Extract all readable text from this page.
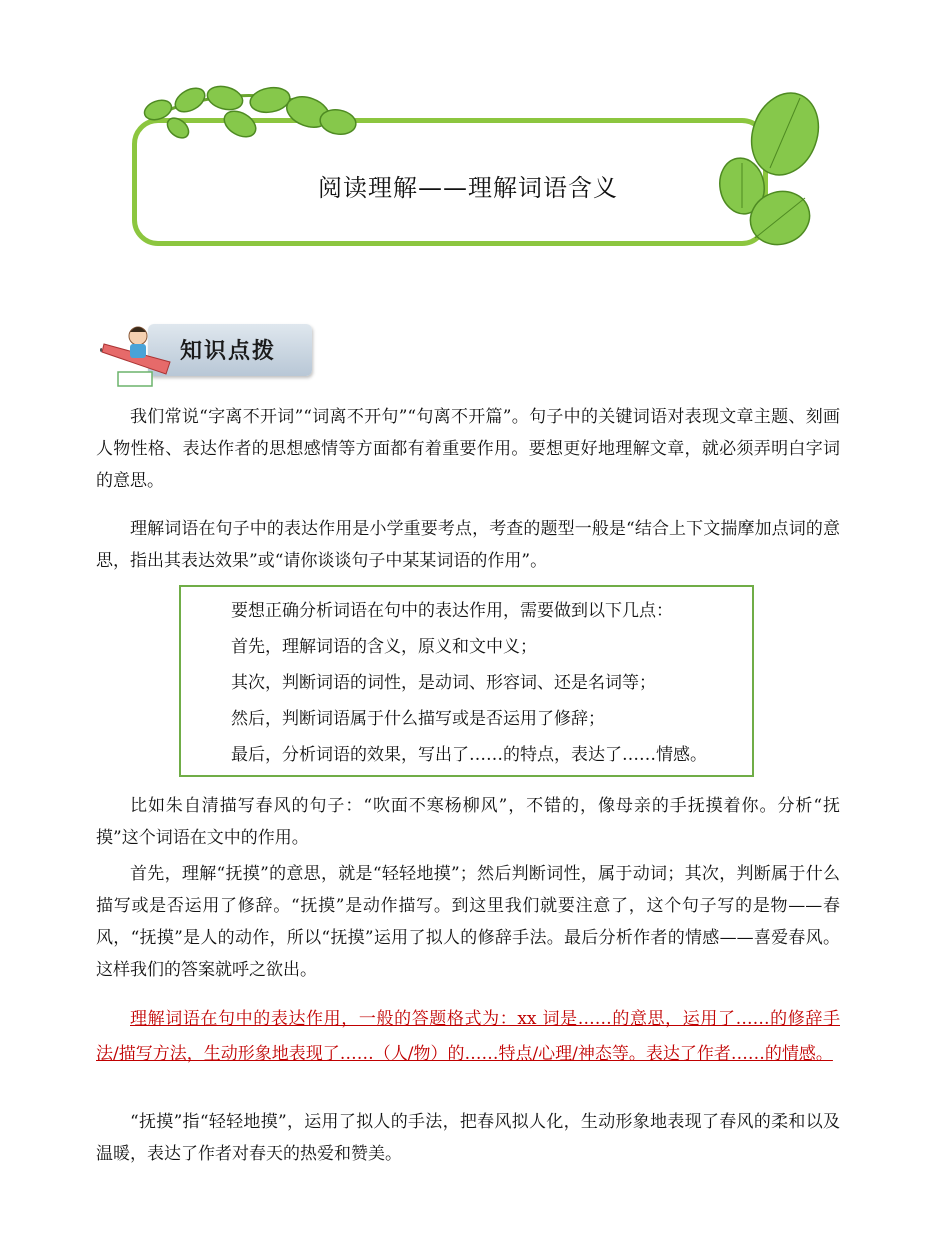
阅读理解——理解词语含义
知识点拨

我们常说“字离不开词”“词离不开句”“句离不开篇”。句子中的关键词语对表现文章主题、刻画人物性格、表达作者的思想感情等方面都有着重要作用。要想更好地理解文章，就必须弄明白字词的意思。

理解词语在句子中的表达作用是小学重要考点，考查的题型一般是“结合上下文揣摩加点词的意思，指出其表达效果”或“请你谈谈句子中某某词语的作用”。

要想正确分析词语在句中的表达作用，需要做到以下几点：

首先，理解词语的含义，原义和文中义；

其次，判断词语的词性，是动词、形容词、还是名词等；

然后，判断词语属于什么描写或是否运用了修辞；

最后，分析词语的效果，写出了……的特点，表达了……情感。

比如朱自清描写春风的句子：“吹面不寒杨柳风”，不错的，像母亲的手抚摸着你。分析“抚摸”这个词语在文中的作用。

首先，理解“抚摸”的意思，就是“轻轻地摸”；然后判断词性，属于动词；其次，判断属于什么描写或是否运用了修辞。“抚摸”是动作描写。到这里我们就要注意了，这个句子写的是物——春风，“抚摸”是人的动作，所以“抚摸”运用了拟人的修辞手法。最后分析作者的情感——喜爱春风。这样我们的答案就呼之欲出。

理解词语在句中的表达作用，一般的答题格式为：xx 词是……的意思，运用了……的修辞手法/描写方法，生动形象地表现了……（人/物）的……特点/心理/神态等。表达了作者……的情感。

“抚摸”指“轻轻地摸”，运用了拟人的手法，把春风拟人化，生动形象地表现了春风的柔和以及温暖，表达了作者对春天的热爱和赞美。
